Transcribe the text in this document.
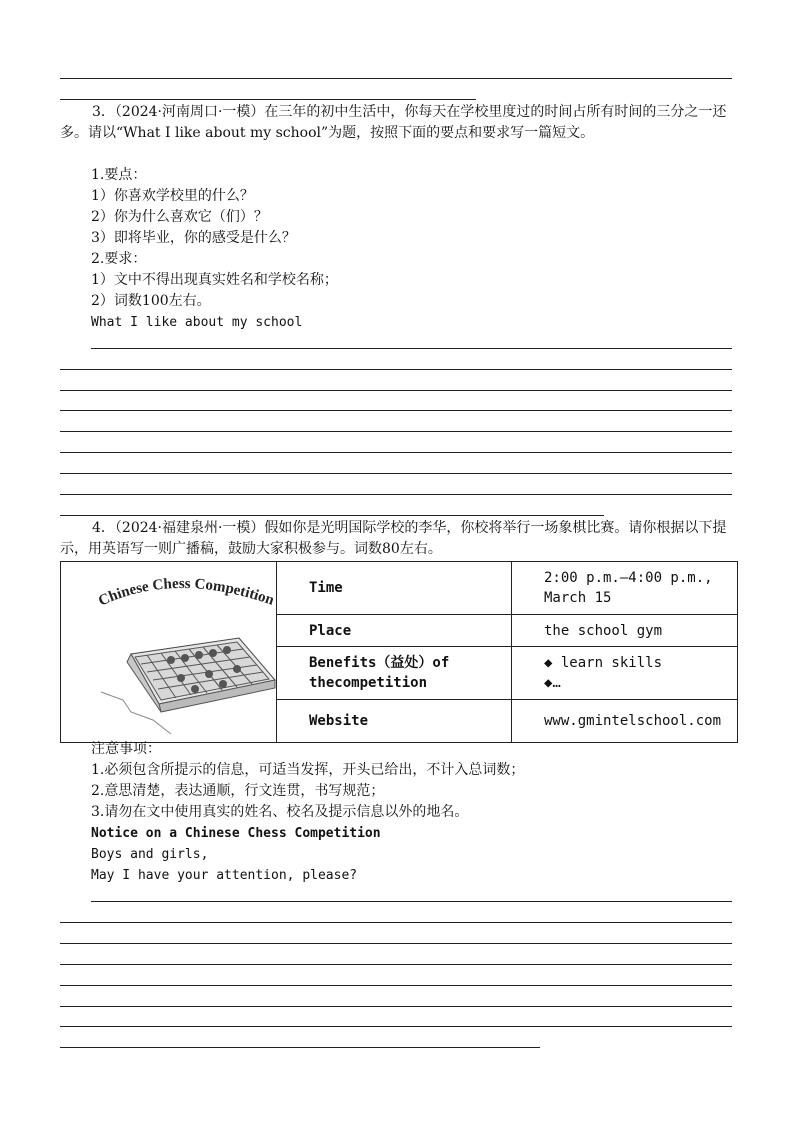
3．（2024·河南周口·一模）在三年的初中生活中，你每天在学校里度过的时间占所有时间的三分之一还多。请以“What I like about my school”为题，按照下面的要点和要求写一篇短文。
1.要点：
1）你喜欢学校里的什么？
2）你为什么喜欢它（们）？
3）即将毕业，你的感受是什么？
2.要求：
1）文中不得出现真实姓名和学校名称；
2）词数100左右。
What I like about my school
4．（2024·福建泉州·一模）假如你是光明国际学校的李华，你校将举行一场象棋比赛。请你根据以下提示，用英语写一则广播稿，鼓励大家积极参与。词数80左右。
Chinese Chess Competition	Time	2:00 p.m.—4:00 p.m., March 15

	Place	the school gym

	Benefits（益处）of thecompetition	◆ learn skills
◆…

	Website	www.gmintelschool.com
注意事项：
1.必须包含所提示的信息，可适当发挥，开头已给出，不计入总词数；
2.意思清楚，表达通顺，行文连贯，书写规范；
3.请勿在文中使用真实的姓名、校名及提示信息以外的地名。
Notice on a Chinese Chess Competition
Boys and girls,
May I have your attention, please?
